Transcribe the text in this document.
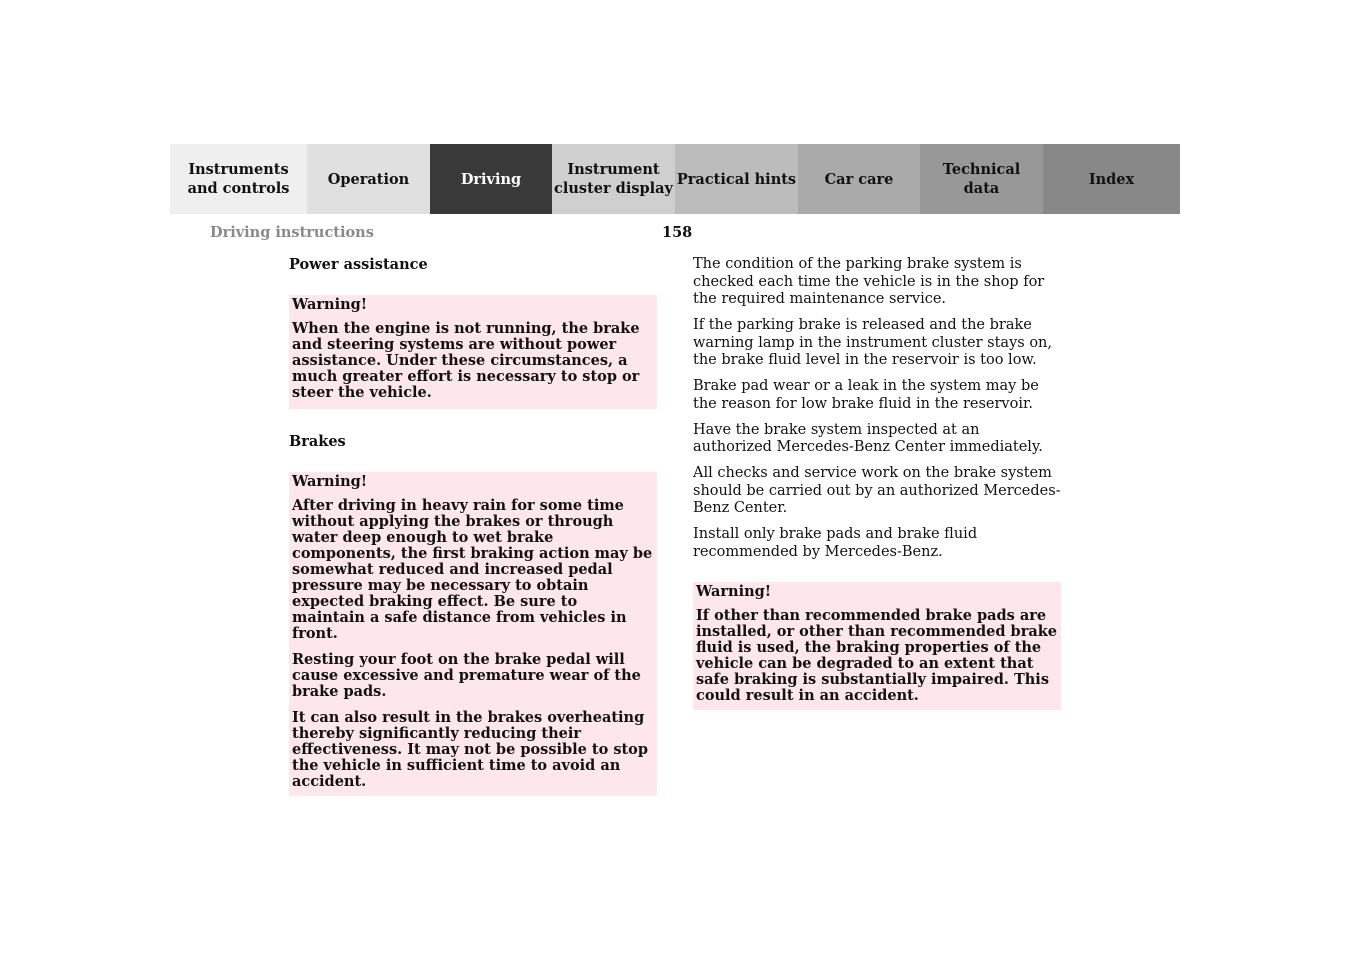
Instruments
and controls
Operation	Driving
Instrument
cluster display
Practical hints	Car care
Technical
data
Index
Driving instructions	158
Power assistance
Warning!

When the engine is not running, the brake and steering systems are without power assistance. Under these circumstances, a much greater effort is necessary to stop or steer the vehicle.

Brakes
Warning!

After driving in heavy rain for some time without applying the brakes or through water deep enough to wet brake components, the first braking action may be somewhat reduced and increased pedal pressure may be necessary to obtain expected braking effect. Be sure to maintain a safe distance from vehicles in front.

Resting your foot on the brake pedal will cause excessive and premature wear of the brake pads.

It can also result in the brakes overheating thereby significantly reducing their effectiveness. It may not be possible to stop the vehicle in sufficient time to avoid an accident.

The condition of the parking brake system is checked each time the vehicle is in the shop for the required maintenance service.

If the parking brake is released and the brake warning lamp in the instrument cluster stays on, the brake fluid level in the reservoir is too low.

Brake pad wear or a leak in the system may be the reason for low brake fluid in the reservoir.

Have the brake system inspected at an authorized Mercedes-Benz Center immediately.

All checks and service work on the brake system should be carried out by an authorized Mercedes-Benz Center.

Install only brake pads and brake fluid recommended by Mercedes-Benz.

Warning!

If other than recommended brake pads are installed, or other than recommended brake fluid is used, the braking properties of the vehicle can be degraded to an extent that safe braking is substantially impaired. This could result in an accident.
